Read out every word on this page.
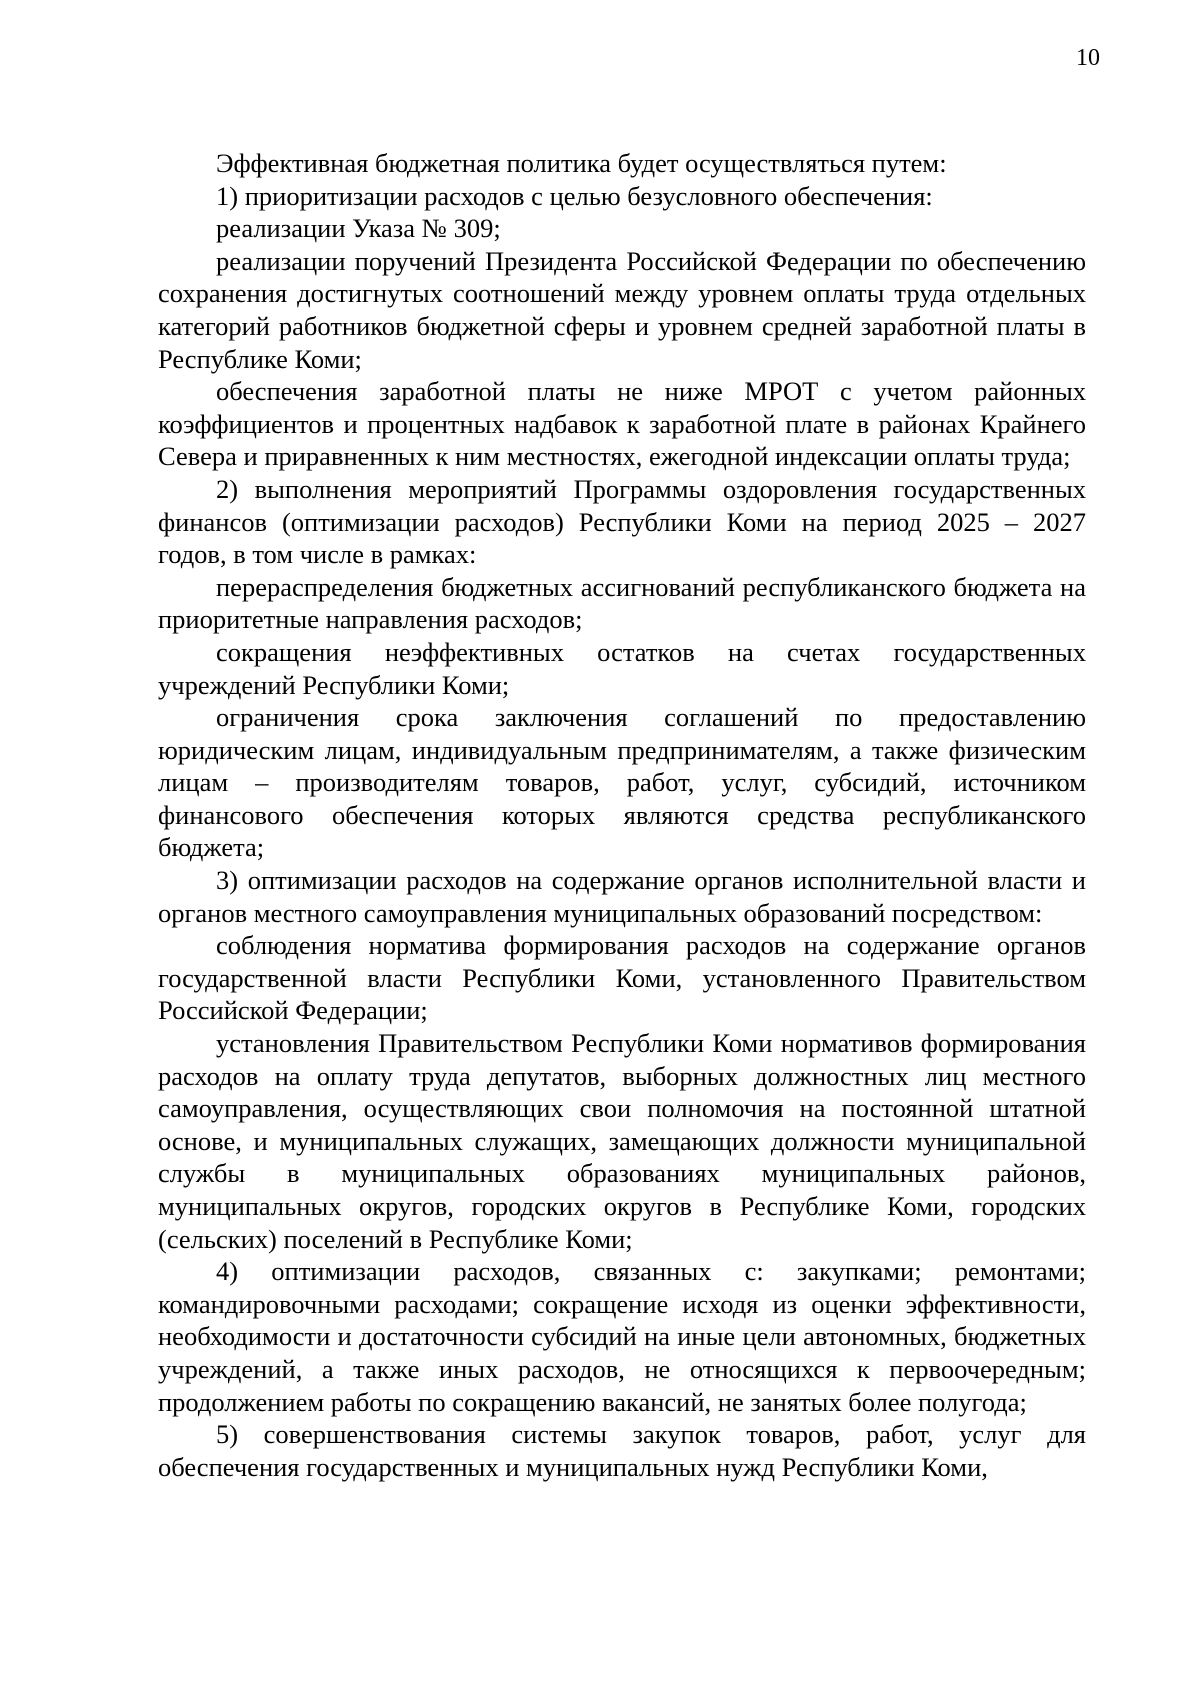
10

Эффективная бюджетная политика будет осуществляться путем:

1) приоритизации расходов с целью безусловного обеспечения:

реализации Указа № 309;

реализации поручений Президента Российской Федерации по обеспечению сохранения достигнутых соотношений между уровнем оплаты труда отдельных категорий работников бюджетной сферы и уровнем средней заработной платы в Республике Коми;

обеспечения заработной платы не ниже МРОТ с учетом районных коэффициентов и процентных надбавок к заработной плате в районах Крайнего Севера и приравненных к ним местностях, ежегодной индексации оплаты труда;

2) выполнения мероприятий Программы оздоровления государственных финансов (оптимизации расходов) Республики Коми на период 2025 – 2027 годов, в том числе в рамках:

перераспределения бюджетных ассигнований республиканского бюджета на приоритетные направления расходов;

сокращения неэффективных остатков на счетах государственных учреждений Республики Коми;

ограничения срока заключения соглашений по предоставлению юридическим лицам, индивидуальным предпринимателям, а также физическим лицам – производителям товаров, работ, услуг, субсидий, источником финансового обеспечения которых являются средства республиканского бюджета;

3) оптимизации расходов на содержание органов исполнительной власти и органов местного самоуправления муниципальных образований посредством:

соблюдения норматива формирования расходов на содержание органов государственной власти Республики Коми, установленного Правительством Российской Федерации;

установления Правительством Республики Коми нормативов формирования расходов на оплату труда депутатов, выборных должностных лиц местного самоуправления, осуществляющих свои полномочия на постоянной штатной основе, и муниципальных служащих, замещающих должности муниципальной службы в муниципальных образованиях муниципальных районов, муниципальных округов, городских округов в Республике Коми, городских (сельских) поселений в Республике Коми;

4) оптимизации расходов, связанных с: закупками; ремонтами; командировочными расходами; сокращение исходя из оценки эффективности, необходимости и достаточности субсидий на иные цели автономных, бюджетных учреждений, а также иных расходов, не относящихся к первоочередным; продолжением работы по сокращению вакансий, не занятых более полугода;

5) совершенствования системы закупок товаров, работ, услуг для обеспечения государственных и муниципальных нужд Республики Коми,
